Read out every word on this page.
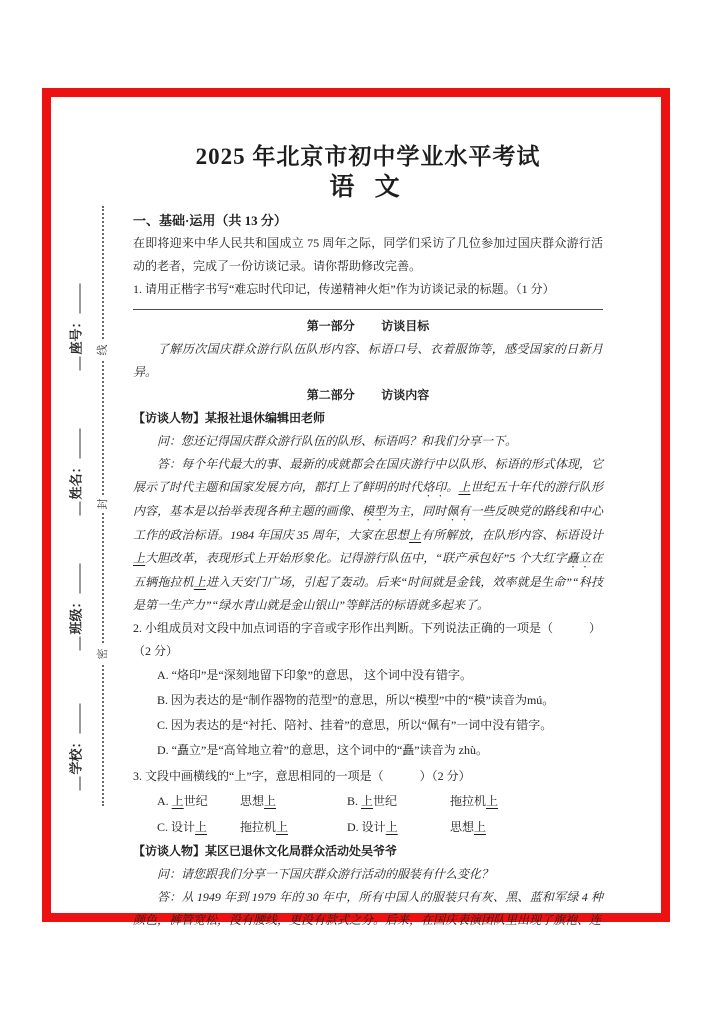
线
封
密
座号：
姓名：
班级：
学校：
2025 年北京市初中学业水平考试
语 文
一、基础·运用（共 13 分）

在即将迎来中华人民共和国成立 75 周年之际，同学们采访了几位参加过国庆群众游行活动的老者，完成了一份访谈记录。请你帮助修改完善。

1. 请用正楷字书写“难忘时代印记，传递精神火炬”作为访谈记录的标题。（1 分）

第一部分 访谈目标

了解历次国庆群众游行队伍队形内容、标语口号、衣着服饰等，感受国家的日新月异。

第二部分 访谈内容

【访谈人物】某报社退休编辑田老师

问：您还记得国庆群众游行队伍的队形、标语吗？和我们分享一下。

答：每个年代最大的事、最新的成就都会在国庆游行中以队形、标语的形式体现，它展示了时代主题和国家发展方向，都打上了鲜明的时代烙印。上世纪五十年代的游行队形内容，基本是以抬举表现各种主题的画像、模型为主，同时佩有一些反映党的路线和中心工作的政治标语。1984 年国庆 35 周年，大家在思想上有所解放，在队形内容、标语设计上大胆改革，表现形式上开始形象化。记得游行队伍中，“联产承包好”5 个大红字矗立在五辆拖拉机上进入天安门广场，引起了轰动。后来“时间就是金钱，效率就是生命”“科技是第一生产力”“绿水青山就是金山银山”等鲜活的标语就多起来了。

2. 小组成员对文段中加点词语的字音或字形作出判断。下列说法正确的一项是（　　　）

（2 分）

A. “烙印”是“深刻地留下印象”的意思， 这个词中没有错字。
B. 因为表达的是“制作器物的范型”的意思，所以“模型”中的“模”读音为mú。
C. 因为表达的是“衬托、陪衬、挂着”的意思，所以“佩有”一词中没有错字。
D. “矗立”是“高耸地立着”的意思，这个词中的“矗”读音为 zhù。

3. 文段中画横线的“上”字，意思相同的一项是（　　　）（2 分）

A. 上世纪	思想上	B. 上世纪	拖拉机上
C. 设计上	拖拉机上	D. 设计上	思想上

【访谈人物】某区已退休文化局群众活动处吴爷爷

问：请您跟我们分享一下国庆群众游行活动的服装有什么变化？

答：从 1949 年到 1979 年的 30 年中，所有中国人的服装只有灰、黑、蓝和军绿 4 种颜色，裤管宽松，没有腰线，更没有款式之分。后来，在国庆表演团队里出现了旗袍、连
